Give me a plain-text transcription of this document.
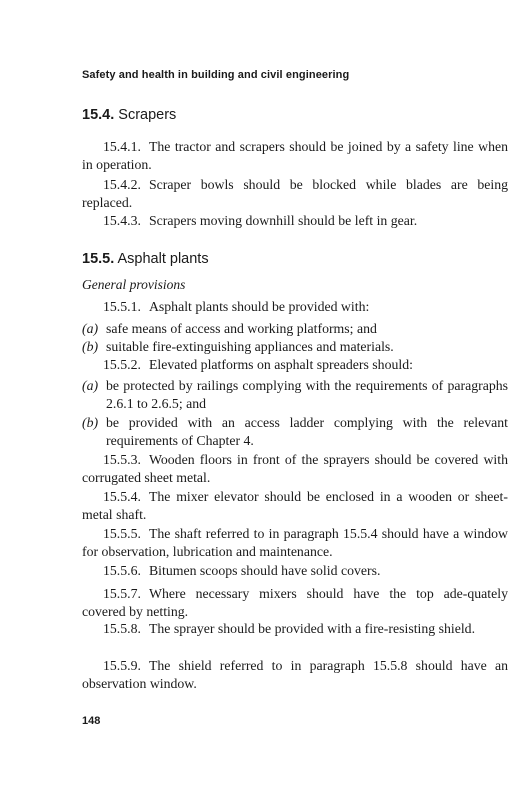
Safety and health in building and civil engineering
15.4. Scrapers
15.4.1. The tractor and scrapers should be joined by a safety line when in operation.
15.4.2. Scraper bowls should be blocked while blades are being replaced.
15.4.3. Scrapers moving downhill should be left in gear.
15.5. Asphalt plants
General provisions
15.5.1. Asphalt plants should be provided with:
(a) safe means of access and working platforms; and
(b) suitable fire-extinguishing appliances and materials.
15.5.2. Elevated platforms on asphalt spreaders should:
(a) be protected by railings complying with the requirements of paragraphs 2.6.1 to 2.6.5; and
(b) be provided with an access ladder complying with the relevant requirements of Chapter 4.
15.5.3. Wooden floors in front of the sprayers should be covered with corrugated sheet metal.
15.5.4. The mixer elevator should be enclosed in a wooden or sheet-metal shaft.
15.5.5. The shaft referred to in paragraph 15.5.4 should have a window for observation, lubrication and maintenance.
15.5.6. Bitumen scoops should have solid covers.
15.5.7. Where necessary mixers should have the top ade-quately covered by netting.
15.5.8. The sprayer should be provided with a fire-resisting shield.
15.5.9. The shield referred to in paragraph 15.5.8 should have an observation window.
148
